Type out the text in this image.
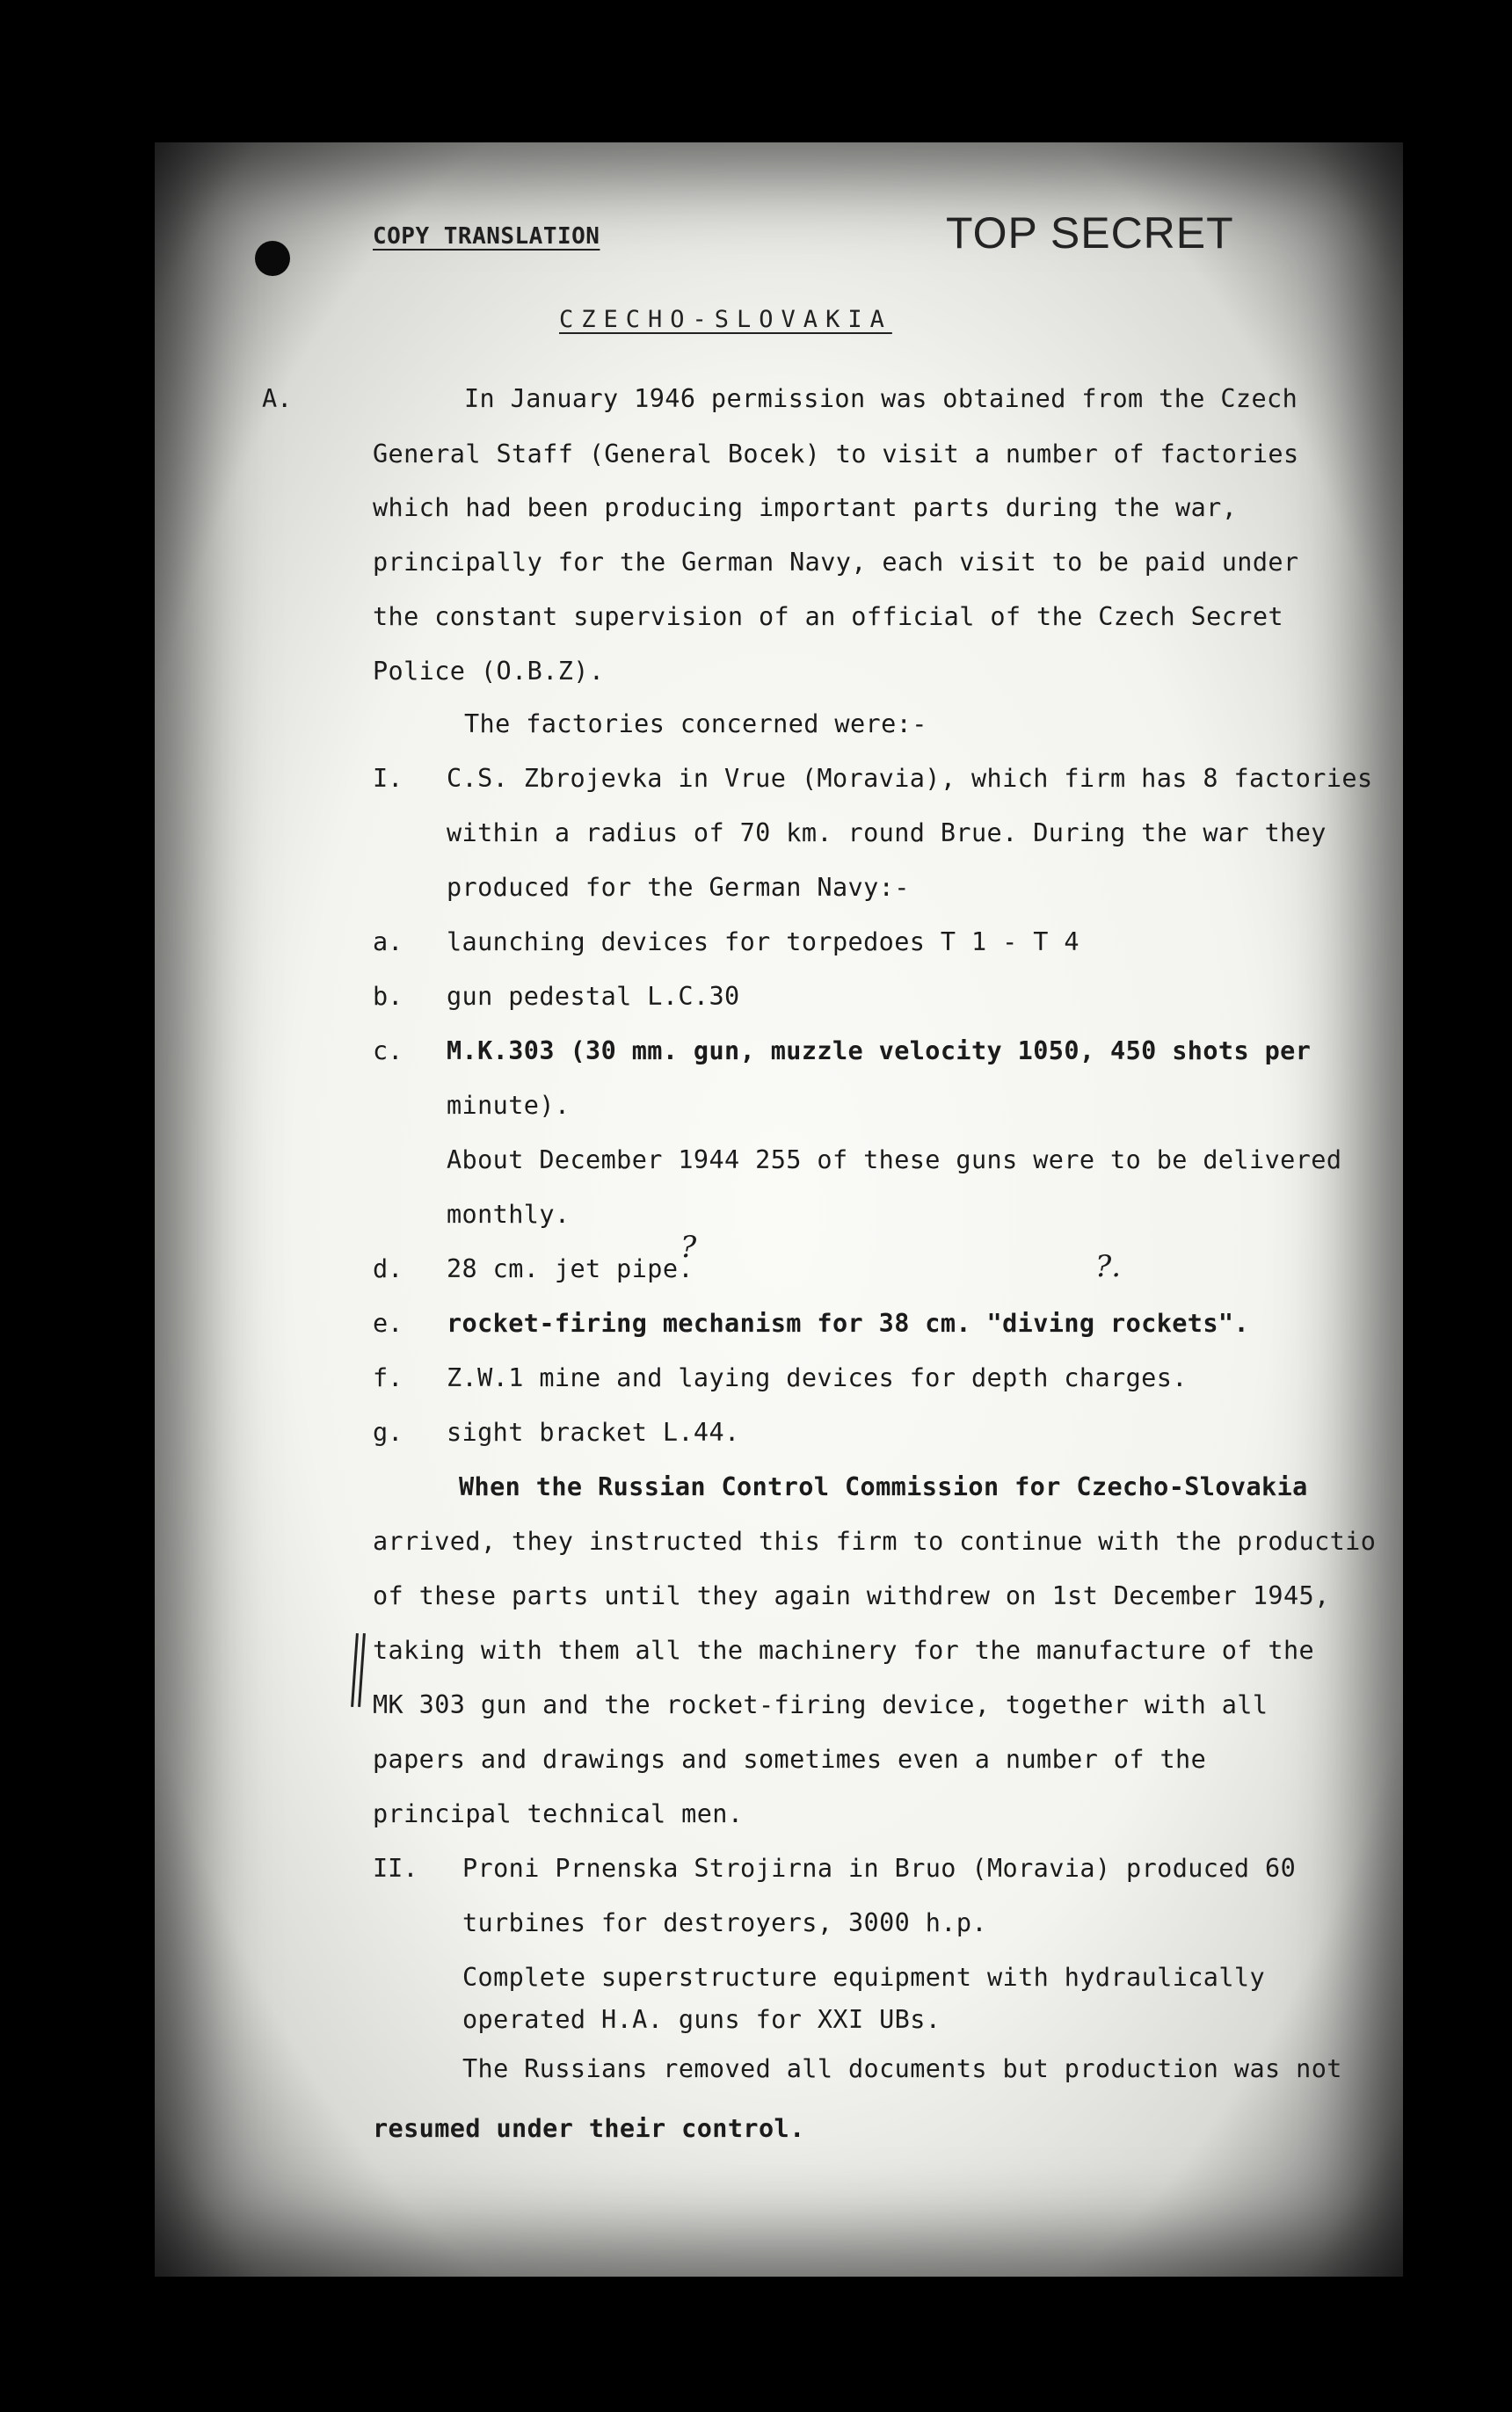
COPY TRANSLATION	TOP SECRET
CZECHO-SLOVAKIA
A.	In January 1946 permission was obtained from the Czech
General Staff (General Bocek) to visit a number of factories
which had been producing important parts during the war,
principally for the German Navy, each visit to be paid under
the constant supervision of an official of the Czech Secret
Police (O.B.Z).
The factories concerned were:-
C.S. Zbrojevka in Vrue (Moravia), which firm has 8 factories
within a radius of 70 km. round Brue. During the war they
produced for the German Navy:-
launching devices for torpedoes T 1 - T 4
gun pedestal L.C.30
M.K.303 (30 mm. gun, muzzle velocity 1050, 450 shots per
minute).
About December 1944 255 of these guns were to be delivered
monthly.
28 cm. jet pipe.
rocket-firing mechanism for 38 cm. "diving rockets".
Z.W.1 mine and laying devices for depth charges.
sight bracket L.44.
When the Russian Control Commission for Czecho-Slovakia
arrived, they instructed this firm to continue with the productio
of these parts until they again withdrew on 1st December 1945,
taking with them all the machinery for the manufacture of the
MK 303 gun and the rocket-firing device, together with all
papers and drawings and sometimes even a number of the
principal technical men.
Proni Prnenska Strojirna in Bruo (Moravia) produced 60
turbines for destroyers, 3000 h.p.
Complete superstructure equipment with hydraulically
operated H.A. guns for XXI UBs.
The Russians removed all documents but production was not
resumed under their control.
I.
a.
b.
c.
d.
e.
f.
g.
II.
?
?.
